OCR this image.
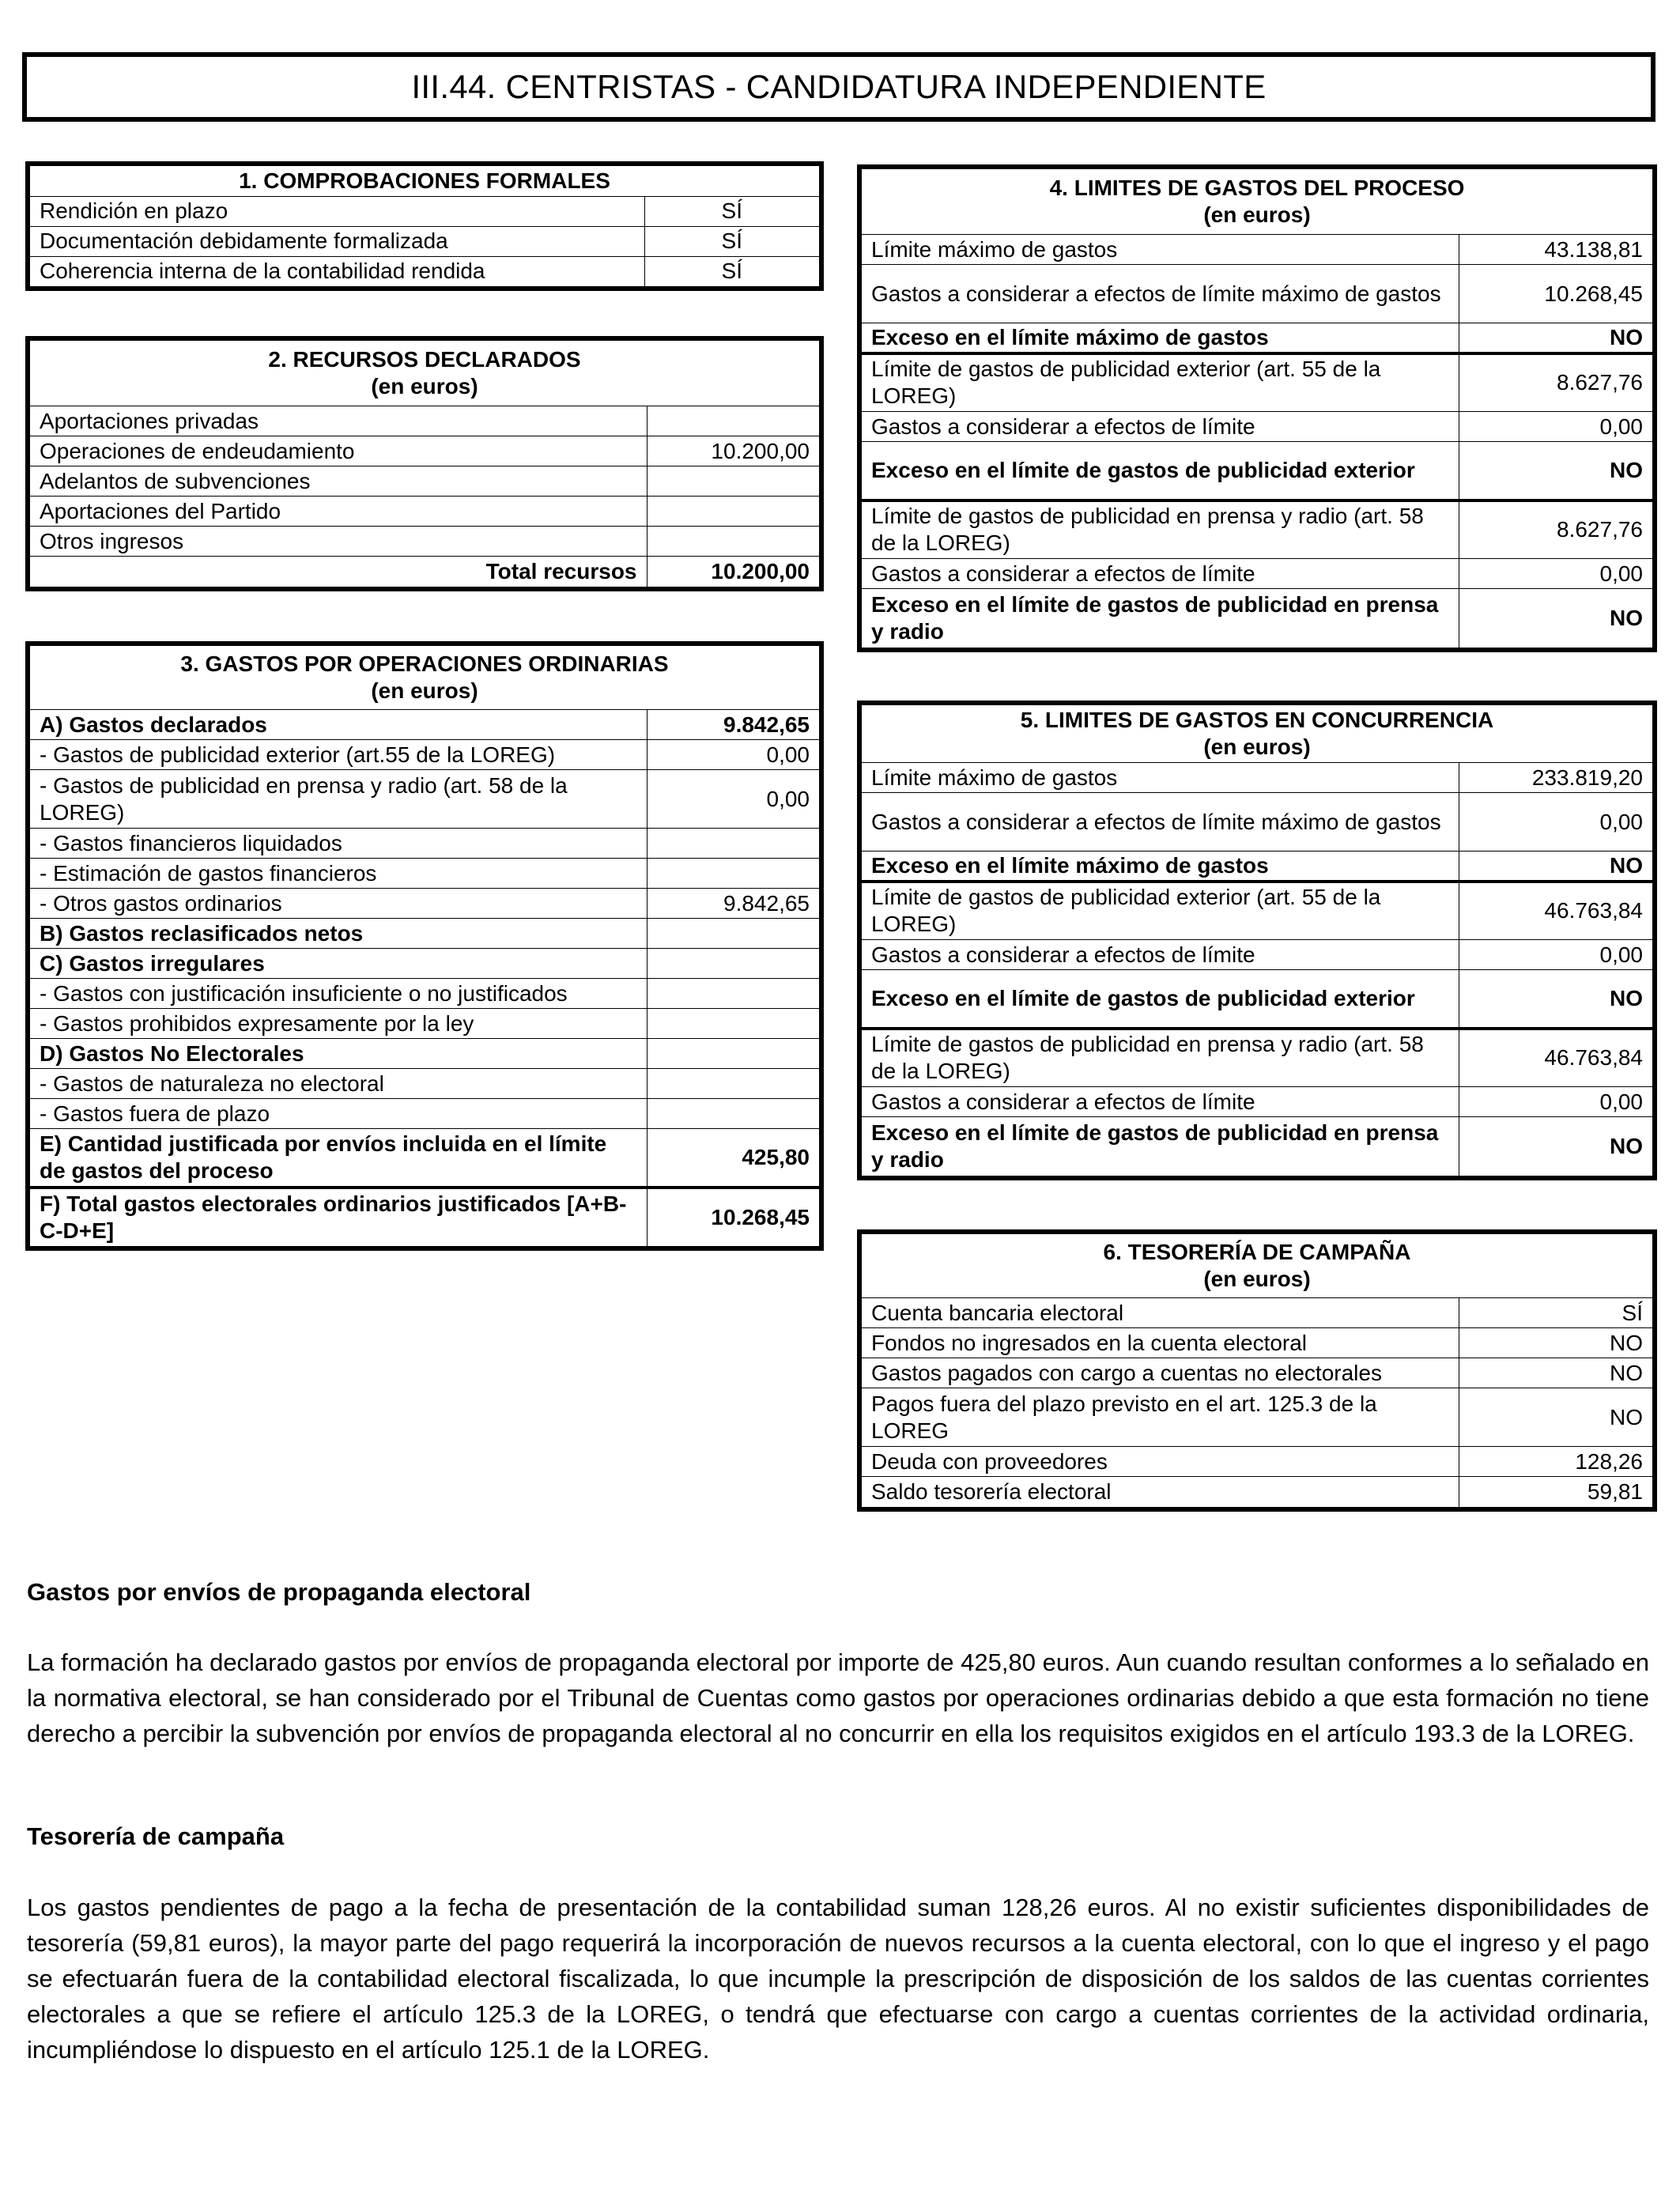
III.44. CENTRISTAS - CANDIDATURA INDEPENDIENTE
1. COMPROBACIONES FORMALES	
Rendición en plazo	SÍ
Documentación debidamente formalizada	SÍ
Coherencia interna de la contabilidad rendida	SÍ
2. RECURSOS DECLARADOS
(en euros)	

Aportaciones privadas	
Operaciones de endeudamiento	10.200,00
Adelantos de subvenciones	
Aportaciones del Partido	
Otros ingresos	
Total recursos	10.200,00
3. GASTOS POR OPERACIONES ORDINARIAS
(en euros)	

A) Gastos declarados	9.842,65
- Gastos de publicidad exterior (art.55 de la LOREG)	0,00
- Gastos de publicidad en prensa y radio (art. 58 de la LOREG)	0,00
- Gastos financieros liquidados	
- Estimación de gastos financieros	
- Otros gastos ordinarios	9.842,65
B) Gastos reclasificados netos	
C) Gastos irregulares	
- Gastos con justificación insuficiente o no justificados	
- Gastos prohibidos expresamente por la ley	
D) Gastos No Electorales	
- Gastos de naturaleza no electoral	
- Gastos fuera de plazo	
E) Cantidad justificada por envíos incluida en el límite de gastos del proceso	425,80
F) Total gastos electorales ordinarios justificados [A+B-C-D+E]	10.268,45
4. LIMITES DE GASTOS DEL PROCESO
(en euros)	

Límite máximo de gastos	43.138,81
Gastos a considerar a efectos de límite máximo de gastos	10.268,45
Exceso en el límite máximo de gastos	NO
Límite de gastos de publicidad exterior (art. 55 de la LOREG)	8.627,76
Gastos a considerar a efectos de límite	0,00
Exceso en el límite de gastos de publicidad exterior	NO
Límite de gastos de publicidad en prensa y radio (art. 58 de la LOREG)	8.627,76
Gastos a considerar a efectos de límite	0,00
Exceso en el límite de gastos de publicidad en prensa y radio	NO
5. LIMITES DE GASTOS EN CONCURRENCIA
(en euros)	

Límite máximo de gastos	233.819,20
Gastos a considerar a efectos de límite máximo de gastos	0,00
Exceso en el límite máximo de gastos	NO
Límite de gastos de publicidad exterior (art. 55 de la LOREG)	46.763,84
Gastos a considerar a efectos de límite	0,00
Exceso en el límite de gastos de publicidad exterior	NO
Límite de gastos de publicidad en prensa y radio (art. 58 de la LOREG)	46.763,84
Gastos a considerar a efectos de límite	0,00
Exceso en el límite de gastos de publicidad en prensa y radio	NO
6. TESORERÍA DE CAMPAÑA
(en euros)	

Cuenta bancaria electoral	SÍ
Fondos no ingresados en la cuenta electoral	NO
Gastos pagados con cargo a cuentas no electorales	NO
Pagos fuera del plazo previsto en el art. 125.3 de la LOREG	NO
Deuda con proveedores	128,26
Saldo tesorería electoral	59,81
Gastos por envíos de propaganda electoral
La formación ha declarado gastos por envíos de propaganda electoral por importe de 425,80 euros. Aun cuando resultan conformes a lo señalado en la normativa electoral, se han considerado por el Tribunal de Cuentas como gastos por operaciones ordinarias debido a que esta formación no tiene derecho a percibir la subvención por envíos de propaganda electoral al no concurrir en ella los requisitos exigidos en el artículo 193.3 de la LOREG.
Tesorería de campaña
Los gastos pendientes de pago a la fecha de presentación de la contabilidad suman 128,26 euros. Al no existir suficientes disponibilidades de tesorería (59,81 euros), la mayor parte del pago requerirá la incorporación de nuevos recursos a la cuenta electoral, con lo que el ingreso y el pago se efectuarán fuera de la contabilidad electoral fiscalizada, lo que incumple la prescripción de disposición de los saldos de las cuentas corrientes electorales a que se refiere el artículo 125.3 de la LOREG, o tendrá que efectuarse con cargo a cuentas corrientes de la actividad ordinaria, incumpliéndose lo dispuesto en el artículo 125.1 de la LOREG.
